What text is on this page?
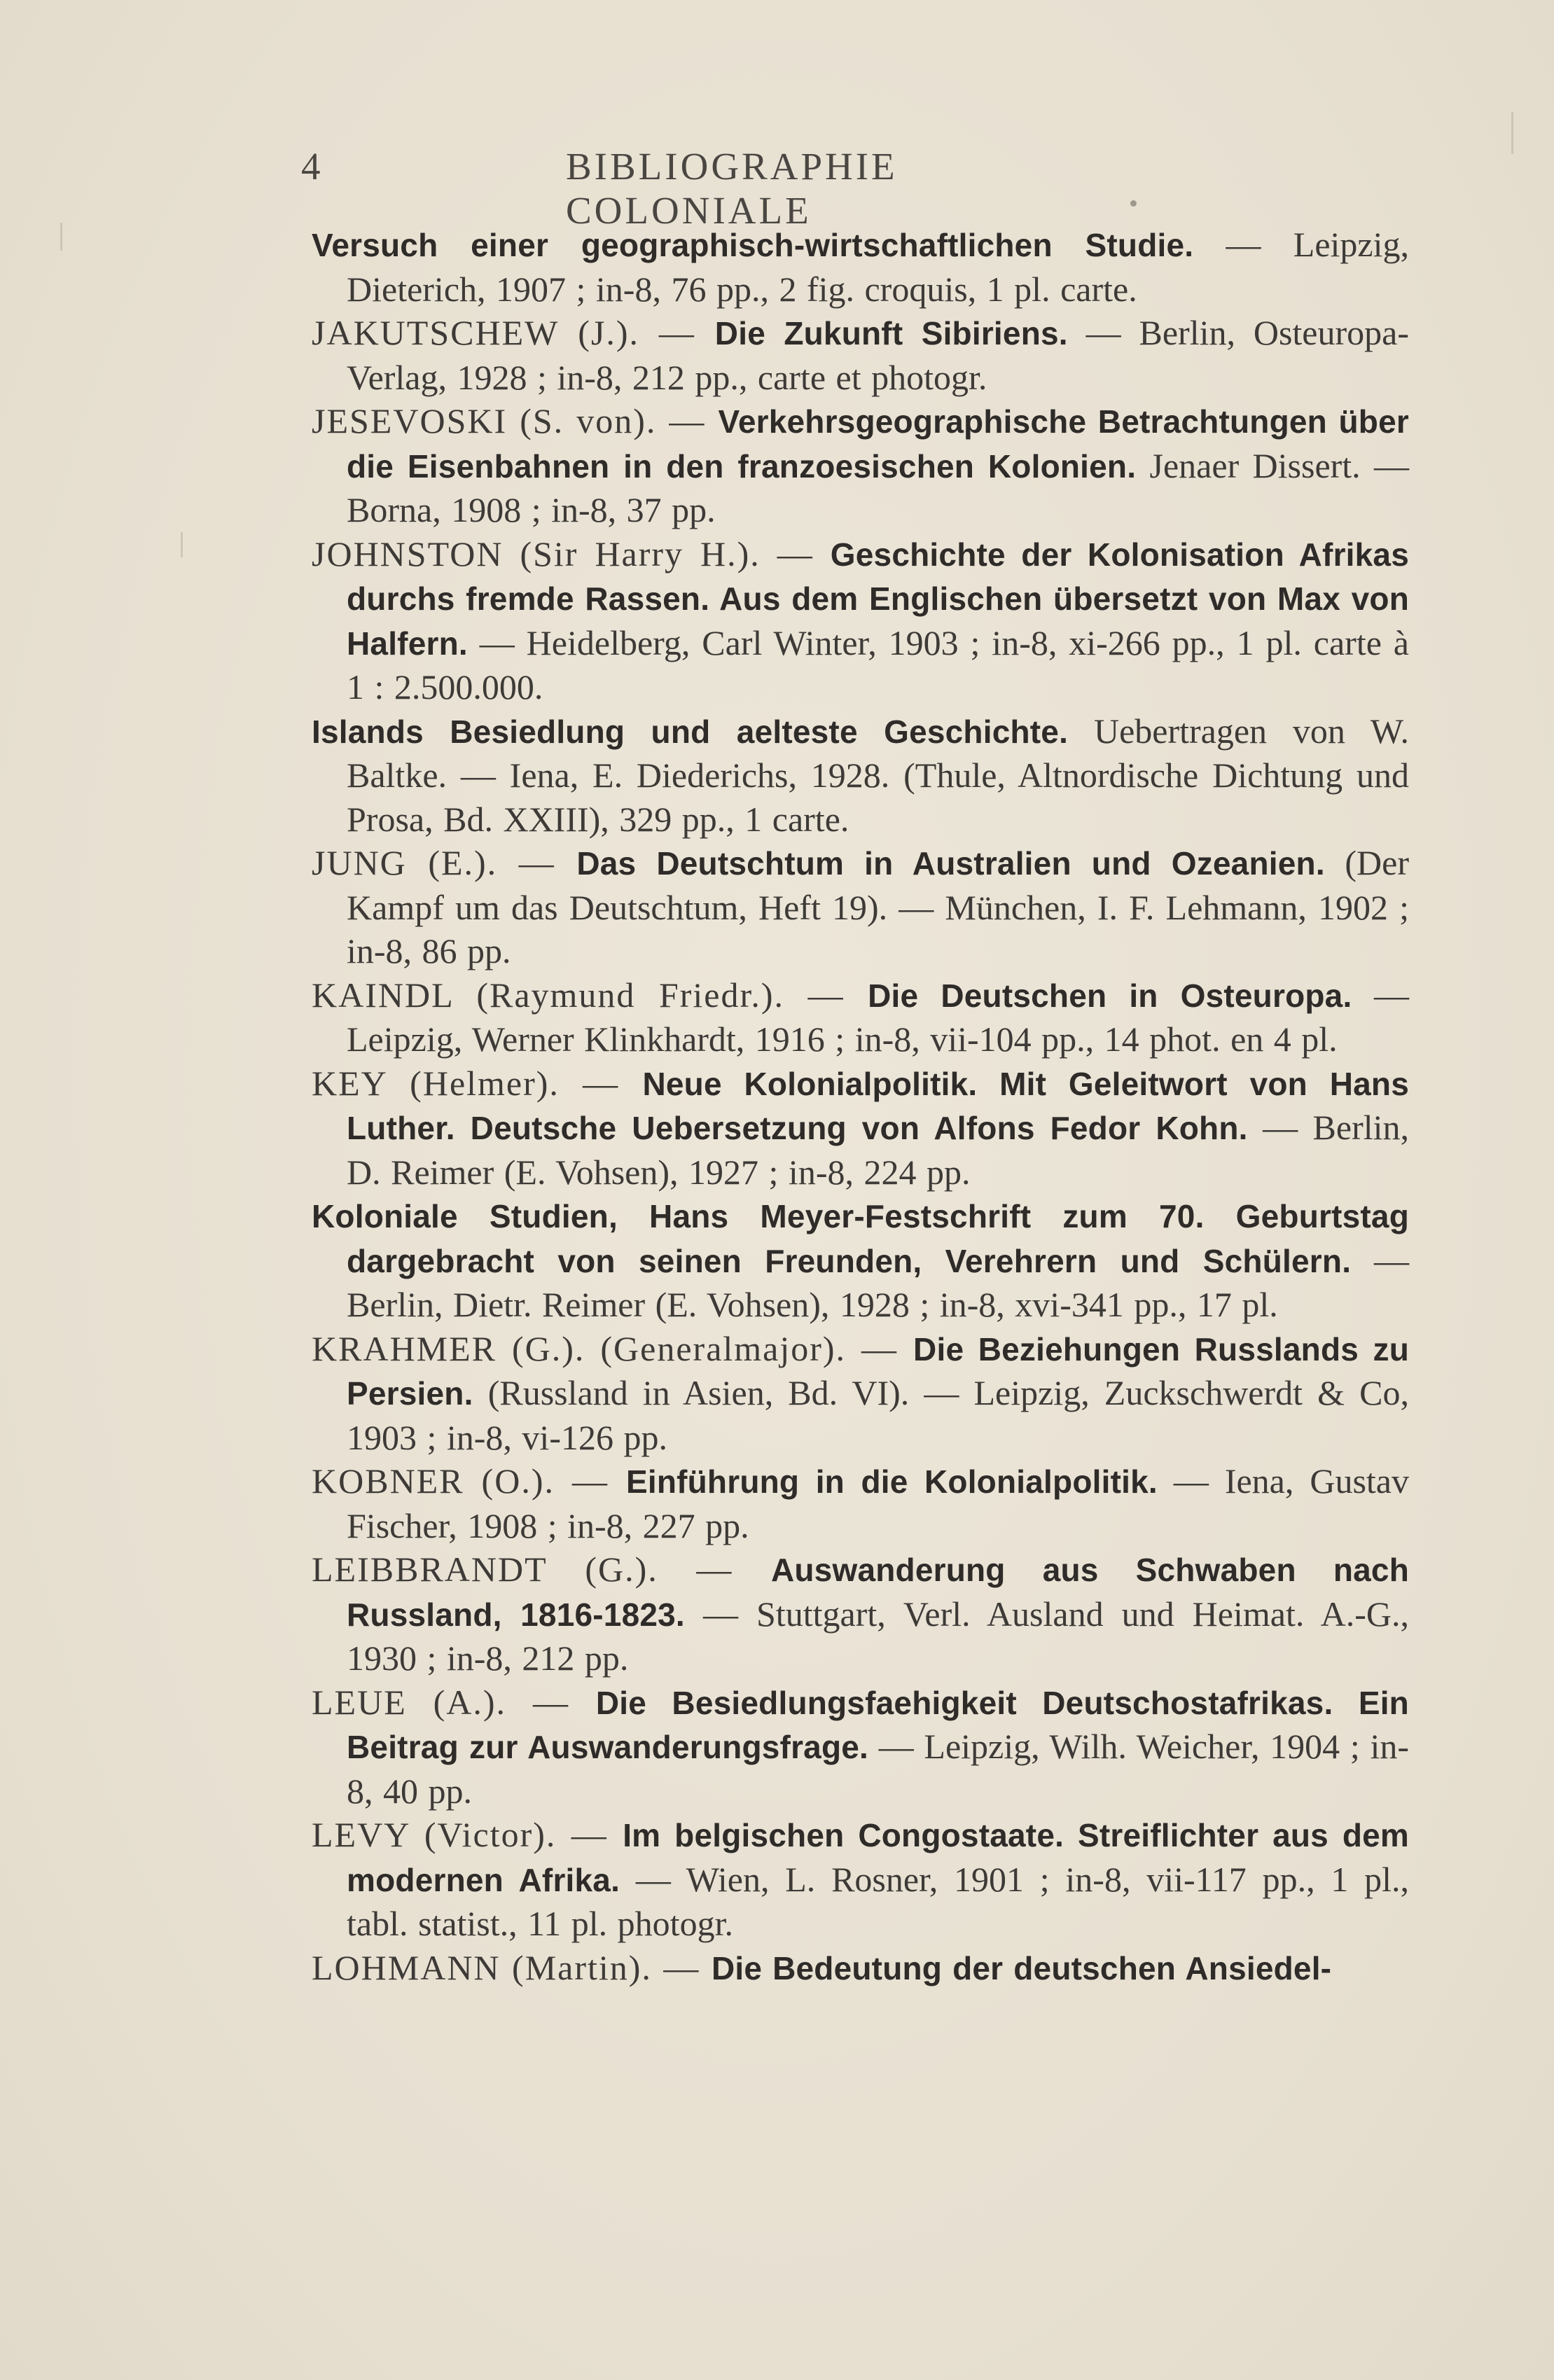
4	BIBLIOGRAPHIE COLONIALE

Versuch einer geographisch-wirtschaftlichen Studie. — Leipzig, Dieterich, 1907 ; in-8, 76 pp., 2 fig. croquis, 1 pl. carte.

JAKUTSCHEW (J.). — Die Zukunft Sibiriens. — Berlin, Osteuropa-Verlag, 1928 ; in-8, 212 pp., carte et photogr.

JESEVOSKI (S. von). — Verkehrsgeographische Betrachtungen über die Eisenbahnen in den franzoesischen Kolonien. Jenaer Dissert. — Borna, 1908 ; in-8, 37 pp.

JOHNSTON (Sir Harry H.). — Geschichte der Kolonisation Afrikas durchs fremde Rassen. Aus dem Englischen übersetzt von Max von Halfern. — Heidelberg, Carl Winter, 1903 ; in-8, xi-266 pp., 1 pl. carte à 1 : 2.500.000.

Islands Besiedlung und aelteste Geschichte. Uebertragen von W. Baltke. — Iena, E. Diederichs, 1928. (Thule, Altnordische Dichtung und Prosa, Bd. XXIII), 329 pp., 1 carte.

JUNG (E.). — Das Deutschtum in Australien und Ozeanien. (Der Kampf um das Deutschtum, Heft 19). — München, I. F. Lehmann, 1902 ; in-8, 86 pp.

KAINDL (Raymund Friedr.). — Die Deutschen in Osteuropa. — Leipzig, Werner Klinkhardt, 1916 ; in-8, vii-104 pp., 14 phot. en 4 pl.

KEY (Helmer). — Neue Kolonialpolitik. Mit Geleitwort von Hans Luther. Deutsche Uebersetzung von Alfons Fedor Kohn. — Berlin, D. Reimer (E. Vohsen), 1927 ; in-8, 224 pp.

Koloniale Studien, Hans Meyer-Festschrift zum 70. Geburtstag dargebracht von seinen Freunden, Verehrern und Schülern. — Berlin, Dietr. Reimer (E. Vohsen), 1928 ; in-8, xvi-341 pp., 17 pl.

KRAHMER (G.). (Generalmajor). — Die Beziehungen Russlands zu Persien. (Russland in Asien, Bd. VI). — Leipzig, Zuckschwerdt & Co, 1903 ; in-8, vi-126 pp.

KOBNER (O.). — Einführung in die Kolonialpolitik. — Iena, Gustav Fischer, 1908 ; in-8, 227 pp.

LEIBBRANDT (G.). — Auswanderung aus Schwaben nach Russland, 1816-1823. — Stuttgart, Verl. Ausland und Heimat. A.-G., 1930 ; in-8, 212 pp.

LEUE (A.). — Die Besiedlungsfaehigkeit Deutschostafrikas. Ein Beitrag zur Auswanderungsfrage. — Leipzig, Wilh. Weicher, 1904 ; in-8, 40 pp.

LEVY (Victor). — Im belgischen Congostaate. Streiflichter aus dem modernen Afrika. — Wien, L. Rosner, 1901 ; in-8, vii-117 pp., 1 pl., tabl. statist., 11 pl. photogr.

LOHMANN (Martin). — Die Bedeutung der deutschen Ansiedel-
